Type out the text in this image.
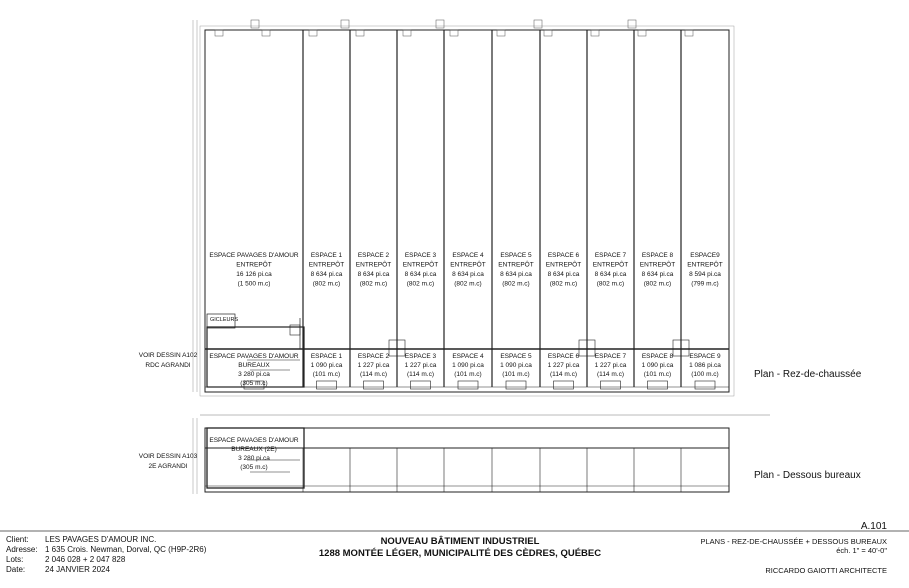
ESPACE PAVAGES D'AMOUR
ENTREPÔT
16 126 pi.ca
(1 500 m.c)
ESPACE 1
ENTREPÔT
8 634 pi.ca
(802 m.c)
ESPACE 2
ENTREPÔT
8 634 pi.ca
(802 m.c)
ESPACE 3
ENTREPÔT
8 634 pi.ca
(802 m.c)
ESPACE 4
ENTREPÔT
8 634 pi.ca
(802 m.c)
ESPACE 5
ENTREPÔT
8 634 pi.ca
(802 m.c)
ESPACE 6
ENTREPÔT
8 634 pi.ca
(802 m.c)
ESPACE 7
ENTREPÔT
8 634 pi.ca
(802 m.c)
ESPACE 8
ENTREPÔT
8 634 pi.ca
(802 m.c)
ESPACE9
ENTREPÔT
8 594 pi.ca
(799 m.c)
ESPACE PAVAGES D'AMOUR
BUREAUX
3 280 pi.ca
(305 m.c)
ESPACE 1
1 090 pi.ca
(101 m.c)
ESPACE 2
1 227 pi.ca
(114 m.c)
ESPACE 3
1 227 pi.ca
(114 m.c)
ESPACE 4
1 090 pi.ca
(101 m.c)
ESPACE 5
1 090 pi.ca
(101 m.c)
ESPACE 6
1 227 pi.ca
(114 m.c)
ESPACE 7
1 227 pi.ca
(114 m.c)
ESPACE 8
1 090 pi.ca
(101 m.c)
ESPACE 9
1 086 pi.ca
(100 m.c)
GICLEURS
ESPACE PAVAGES D'AMOUR
BUREAUX (2E)
3 280 pi.ca
(305 m.c)
VOIR DESSIN A102
RDC AGRANDI
VOIR DESSIN A103
2E AGRANDI
Plan - Rez-de-chaussée
Plan - Dessous bureaux
Client: LES PAVAGES D'AMOUR INC.
Adresse: 1 635 Crois. Newman, Dorval, QC (H9P-2R6)
Lots:	2 046 028 + 2 047 828
Date: 24 JANVIER 2024
NOUVEAU BÂTIMENT INDUSTRIEL
1288 MONTÉE LÉGER, MUNICIPALITÉ DES CÈDRES, QUÉBEC
A.101
PLANS - REZ-DE-CHAUSSÉE + DESSOUS BUREAUX
éch. 1" = 40'-0"
RICCARDO GAIOTTI ARCHITECTE
